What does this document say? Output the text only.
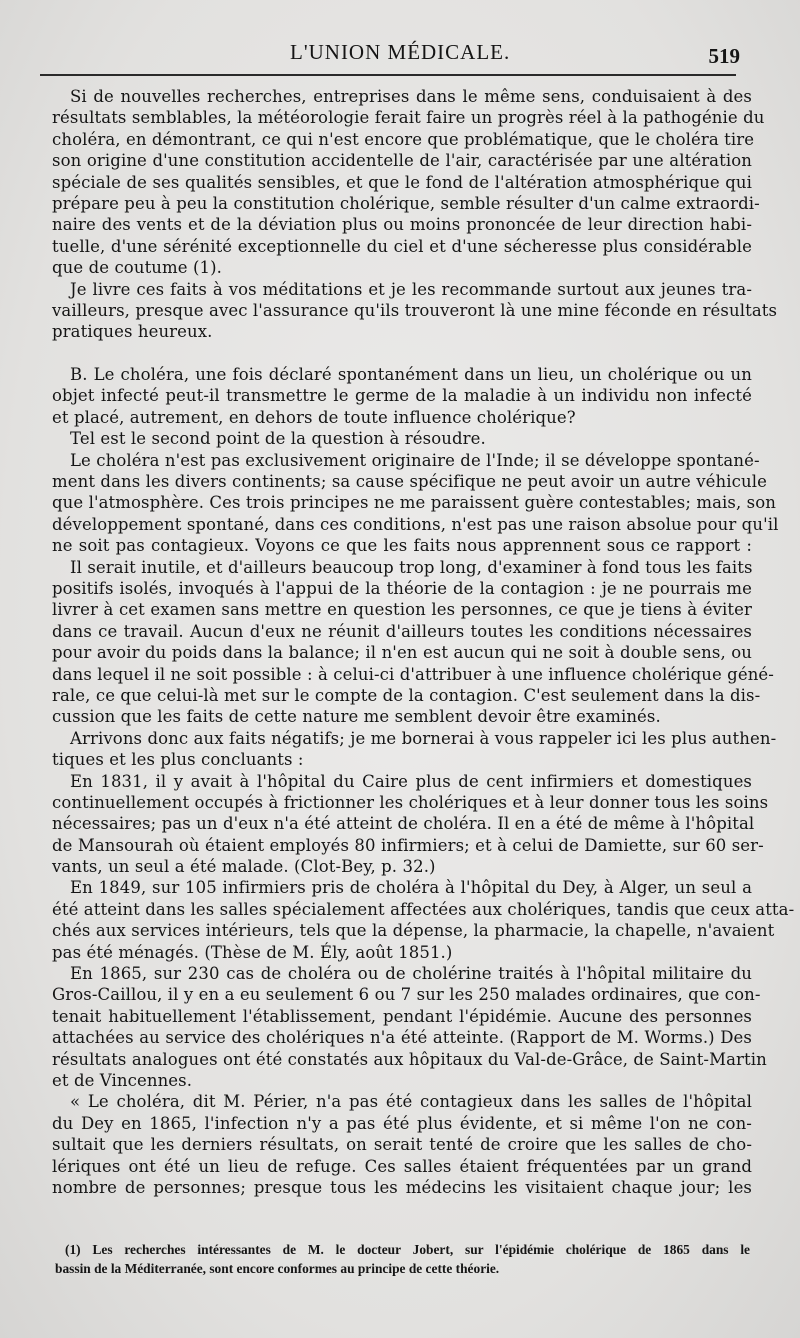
L'UNION MÉDICALE.	519
Si de nouvelles recherches, entreprises dans le même sens, conduisaient à des
résultats semblables, la météorologie ferait faire un progrès réel à la pathogénie du
choléra, en démontrant, ce qui n'est encore que problématique, que le choléra tire
son origine d'une constitution accidentelle de l'air, caractérisée par une altération
spéciale de ses qualités sensibles, et que le fond de l'altération atmosphérique qui
prépare peu à peu la constitution cholérique, semble résulter d'un calme extraordi-
naire des vents et de la déviation plus ou moins prononcée de leur direction habi-
tuelle, d'une sérénité exceptionnelle du ciel et d'une sécheresse plus considérable
que de coutume (1).
Je livre ces faits à vos méditations et je les recommande surtout aux jeunes tra-
vailleurs, presque avec l'assurance qu'ils trouveront là une mine féconde en résultats
pratiques heureux.
B. Le choléra, une fois déclaré spontanément dans un lieu, un cholérique ou un
objet infecté peut-il transmettre le germe de la maladie à un individu non infecté
et placé, autrement, en dehors de toute influence cholérique?
Tel est le second point de la question à résoudre.
Le choléra n'est pas exclusivement originaire de l'Inde; il se développe spontané-
ment dans les divers continents; sa cause spécifique ne peut avoir un autre véhicule
que l'atmosphère. Ces trois principes ne me paraissent guère contestables; mais, son
développement spontané, dans ces conditions, n'est pas une raison absolue pour qu'il
ne soit pas contagieux. Voyons ce que les faits nous apprennent sous ce rapport :
Il serait inutile, et d'ailleurs beaucoup trop long, d'examiner à fond tous les faits
positifs isolés, invoqués à l'appui de la théorie de la contagion : je ne pourrais me
livrer à cet examen sans mettre en question les personnes, ce que je tiens à éviter
dans ce travail. Aucun d'eux ne réunit d'ailleurs toutes les conditions nécessaires
pour avoir du poids dans la balance; il n'en est aucun qui ne soit à double sens, ou
dans lequel il ne soit possible : à celui-ci d'attribuer à une influence cholérique géné-
rale, ce que celui-là met sur le compte de la contagion. C'est seulement dans la dis-
cussion que les faits de cette nature me semblent devoir être examinés.
Arrivons donc aux faits négatifs; je me bornerai à vous rappeler ici les plus authen-
tiques et les plus concluants :
En 1831, il y avait à l'hôpital du Caire plus de cent infirmiers et domestiques
continuellement occupés à frictionner les cholériques et à leur donner tous les soins
nécessaires; pas un d'eux n'a été atteint de choléra. Il en a été de même à l'hôpital
de Mansourah où étaient employés 80 infirmiers; et à celui de Damiette, sur 60 ser-
vants, un seul a été malade. (Clot-Bey, p. 32.)
En 1849, sur 105 infirmiers pris de choléra à l'hôpital du Dey, à Alger, un seul a
été atteint dans les salles spécialement affectées aux cholériques, tandis que ceux atta-
chés aux services intérieurs, tels que la dépense, la pharmacie, la chapelle, n'avaient
pas été ménagés. (Thèse de M. Ély, août 1851.)
En 1865, sur 230 cas de choléra ou de cholérine traités à l'hôpital militaire du
Gros-Caillou, il y en a eu seulement 6 ou 7 sur les 250 malades ordinaires, que con-
tenait habituellement l'établissement, pendant l'épidémie. Aucune des personnes
attachées au service des cholériques n'a été atteinte. (Rapport de M. Worms.) Des
résultats analogues ont été constatés aux hôpitaux du Val-de-Grâce, de Saint-Martin
et de Vincennes.
« Le choléra, dit M. Périer, n'a pas été contagieux dans les salles de l'hôpital
du Dey en 1865, l'infection n'y a pas été plus évidente, et si même l'on ne con-
sultait que les derniers résultats, on serait tenté de croire que les salles de cho-
lériques ont été un lieu de refuge. Ces salles étaient fréquentées par un grand
nombre de personnes; presque tous les médecins les visitaient chaque jour; les
(1) Les recherches intéressantes de M. le docteur Jobert, sur l'épidémie cholérique de 1865 dans le
bassin de la Méditerranée, sont encore conformes au principe de cette théorie.
